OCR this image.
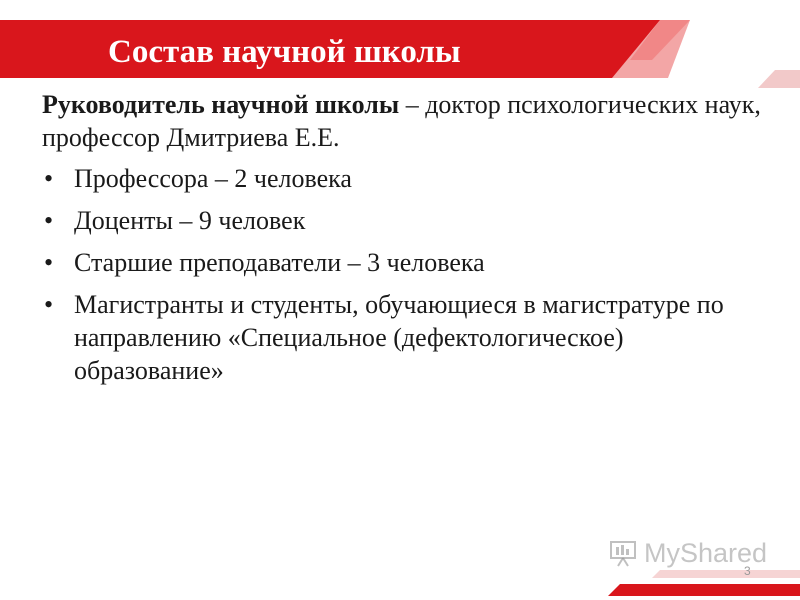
Состав научной школы

Руководитель научной школы – доктор психологических наук, профессор Дмитриева Е.Е.

• Профессора – 2 человека
• Доценты – 9 человек
• Старшие преподаватели – 3 человека
• Магистранты и студенты, обучающиеся в магистратуре по направлению «Специальное (дефектологическое) образование»
MyShared
3
